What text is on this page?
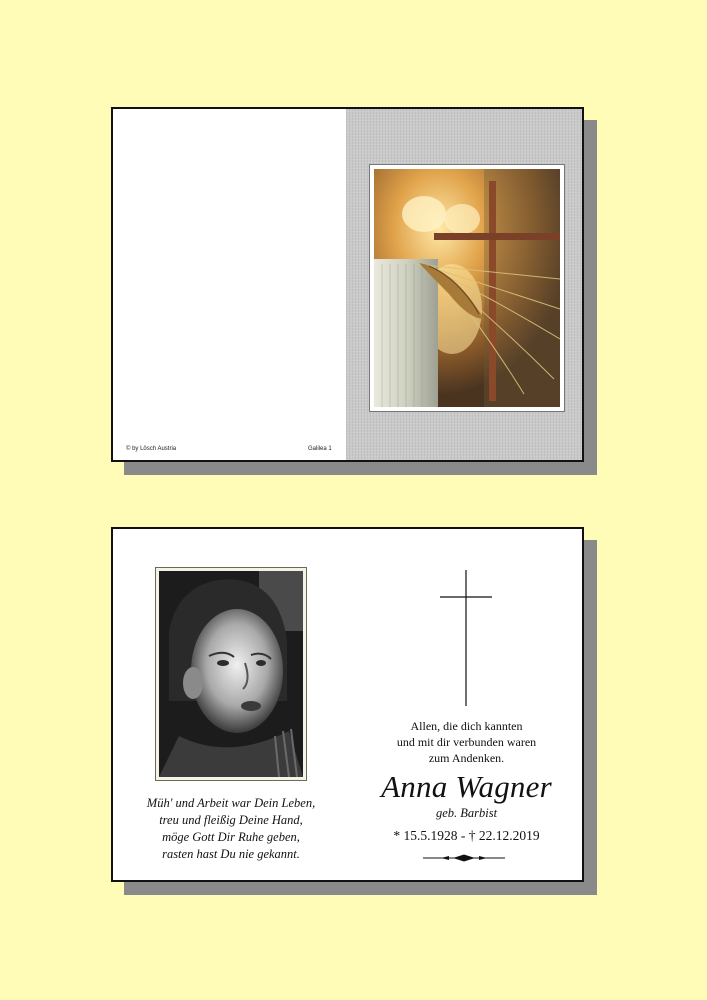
© by Lösch Austria	Galilea 1
Müh' und Arbeit war Dein Leben,
treu und fleißig Deine Hand,
möge Gott Dir Ruhe geben,
rasten hast Du nie gekannt.
Allen, die dich kannten
und mit dir verbunden waren
zum Andenken.
Anna Wagner
geb. Barbist
* 15.5.1928 - † 22.12.2019
